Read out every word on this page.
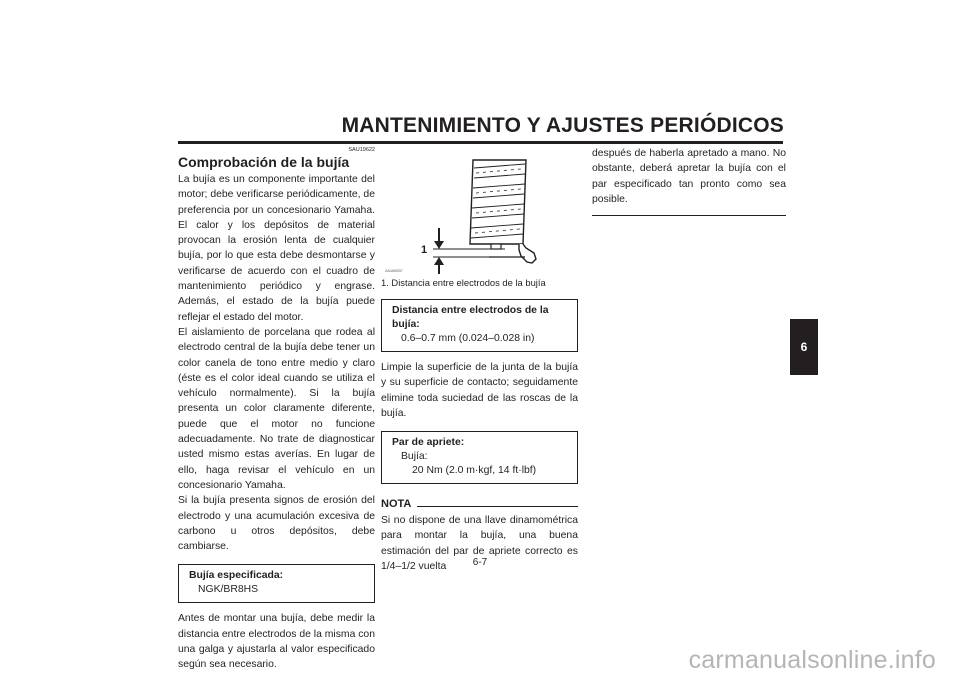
MANTENIMIENTO Y AJUSTES PERIÓDICOS
SAU19622
Comprobación de la bujía

La bujía es un componente importante del motor; debe verificarse periódicamente, de preferencia por un concesionario Yamaha. El calor y los depósitos de material provocan la erosión lenta de cualquier bujía, por lo que esta debe desmontarse y verificarse de acuerdo con el cuadro de mantenimiento periódico y engrase. Además, el estado de la bujía puede reflejar el estado del motor.

El aislamiento de porcelana que rodea al electrodo central de la bujía debe tener un color canela de tono entre medio y claro (éste es el color ideal cuando se utiliza el vehículo normalmente). Si la bujía presenta un color claramente diferente, puede que el motor no funcione adecuadamente. No trate de diagnosticar usted mismo estas averías. En lugar de ello, haga revisar el vehículo en un concesionario Yamaha.

Si la bujía presenta signos de erosión del electrodo y una acumulación excesiva de carbono u otros depósitos, debe cambiarse.

Bujía especificada:
NGK/BR8HS

Antes de montar una bujía, debe medir la distancia entre electrodos de la misma con una galga y ajustarla al valor especificado según sea necesario.

1
ZAUM0037
1. Distancia entre electrodos de la bujía
Distancia entre electrodos de la bujía:
0.6–0.7 mm (0.024–0.028 in)

Limpie la superficie de la junta de la bujía y su superficie de contacto; seguidamente elimine toda suciedad de las roscas de la bujía.

Par de apriete:
Bujía:
20 Nm (2.0 m·kgf, 14 ft·lbf)
NOTA

Si no dispone de una llave dinamométrica para montar la bujía, una buena estimación del par de apriete correcto es 1/4–1/2 vuelta

después de haberla apretado a mano. No obstante, deberá apretar la bujía con el par especificado tan pronto como sea posible.

6
6-7
carmanualsonline.info
